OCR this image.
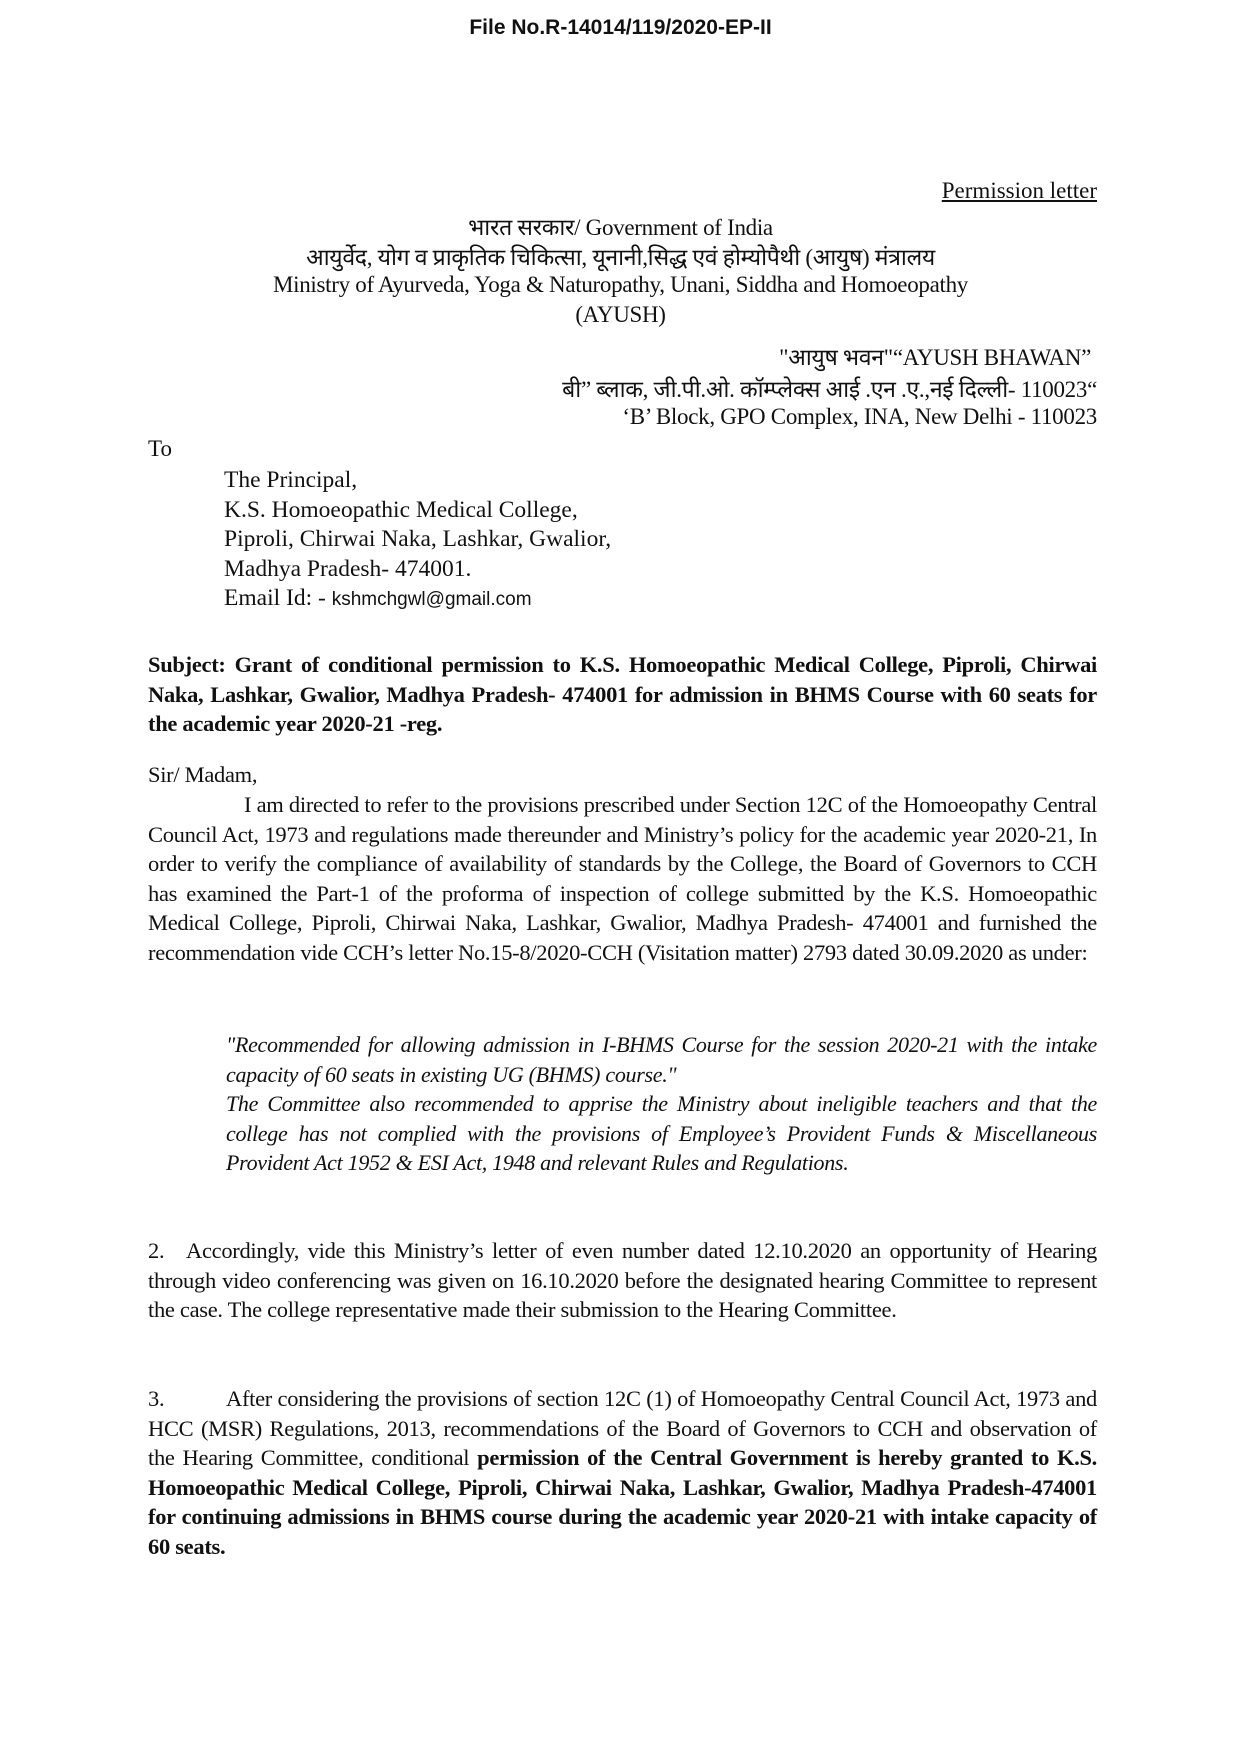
File No.R-14014/119/2020-EP-II
Permission letter
भारत सरकार/ Government of India
आयुर्वेद, योग व प्राकृतिक चिकित्सा, यूनानी,सिद्ध एवं होम्योपैथी (आयुष) मंत्रालय
Ministry of Ayurveda, Yoga & Naturopathy, Unani, Siddha and Homoeopathy
(AYUSH)
"आयुष भवन"“AYUSH BHAWAN”
बी” ब्लाक, जी.पी.ओ. कॉम्प्लेक्स आई .एन .ए.,नई दिल्ली- 110023“
‘B’ Block, GPO Complex, INA, New Delhi - 110023
To
The Principal,
K.S. Homoeopathic Medical College,
Piproli, Chirwai Naka, Lashkar, Gwalior,
Madhya Pradesh- 474001.
Email Id: - kshmchgwl@gmail.com
Subject: Grant of conditional permission to K.S. Homoeopathic Medical College, Piproli, Chirwai Naka, Lashkar, Gwalior, Madhya Pradesh- 474001 for admission in BHMS Course with 60 seats for the academic year 2020-21 -reg.
Sir/ Madam,
I am directed to refer to the provisions prescribed under Section 12C of the Homoeopathy Central Council Act, 1973 and regulations made thereunder and Ministry’s policy for the academic year 2020-21, In order to verify the compliance of availability of standards by the College, the Board of Governors to CCH has examined the Part-1 of the proforma of inspection of college submitted by the K.S. Homoeopathic Medical College, Piproli, Chirwai Naka, Lashkar, Gwalior, Madhya Pradesh- 474001 and furnished the recommendation vide CCH’s letter No.15-8/2020-CCH (Visitation matter) 2793 dated 30.09.2020 as under:
"Recommended for allowing admission in I-BHMS Course for the session 2020-21 with the intake capacity of 60 seats in existing UG (BHMS) course."
The Committee also recommended to apprise the Ministry about ineligible teachers and that the college has not complied with the provisions of Employee’s Provident Funds & Miscellaneous Provident Act 1952 & ESI Act, 1948 and relevant Rules and Regulations.
2. Accordingly, vide this Ministry’s letter of even number dated 12.10.2020 an opportunity of Hearing through video conferencing was given on 16.10.2020 before the designated hearing Committee to represent the case. The college representative made their submission to the Hearing Committee.
3.	After considering the provisions of section 12C (1) of Homoeopathy Central Council Act, 1973 and HCC (MSR) Regulations, 2013, recommendations of the Board of Governors to CCH and observation of the Hearing Committee, conditional permission of the Central Government is hereby granted to K.S. Homoeopathic Medical College, Piproli, Chirwai Naka, Lashkar, Gwalior, Madhya Pradesh-474001 for continuing admissions in BHMS course during the academic year 2020-21 with intake capacity of 60 seats.
